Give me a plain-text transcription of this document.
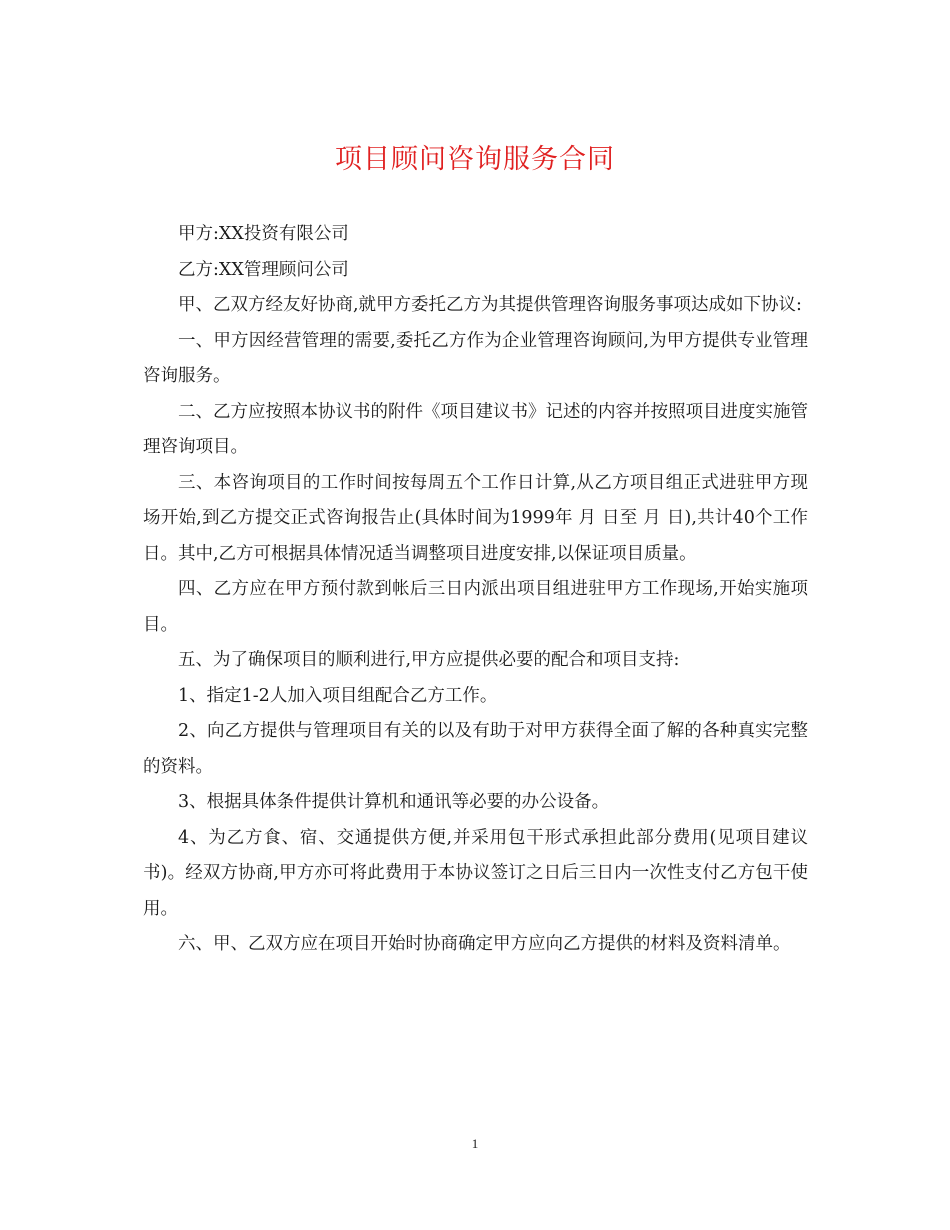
项目顾问咨询服务合同

甲方:XX投资有限公司

乙方:XX管理顾问公司

甲、乙双方经友好协商,就甲方委托乙方为其提供管理咨询服务事项达成如下协议:

一、甲方因经营管理的需要,委托乙方作为企业管理咨询顾问,为甲方提供专业管理咨询服务。

二、乙方应按照本协议书的附件《项目建议书》记述的内容并按照项目进度实施管理咨询项目。

三、本咨询项目的工作时间按每周五个工作日计算,从乙方项目组正式进驻甲方现场开始,到乙方提交正式咨询报告止(具体时间为1999年 月 日至 月 日),共计40个工作日。其中,乙方可根据具体情况适当调整项目进度安排,以保证项目质量。

四、乙方应在甲方预付款到帐后三日内派出项目组进驻甲方工作现场,开始实施项目。

五、为了确保项目的顺利进行,甲方应提供必要的配合和项目支持:

1、指定1-2人加入项目组配合乙方工作。

2、向乙方提供与管理项目有关的以及有助于对甲方获得全面了解的各种真实完整的资料。

3、根据具体条件提供计算机和通讯等必要的办公设备。

4、为乙方食、宿、交通提供方便,并采用包干形式承担此部分费用(见项目建议书)。经双方协商,甲方亦可将此费用于本协议签订之日后三日内一次性支付乙方包干使用。

六、甲、乙双方应在项目开始时协商确定甲方应向乙方提供的材料及资料清单。

1
